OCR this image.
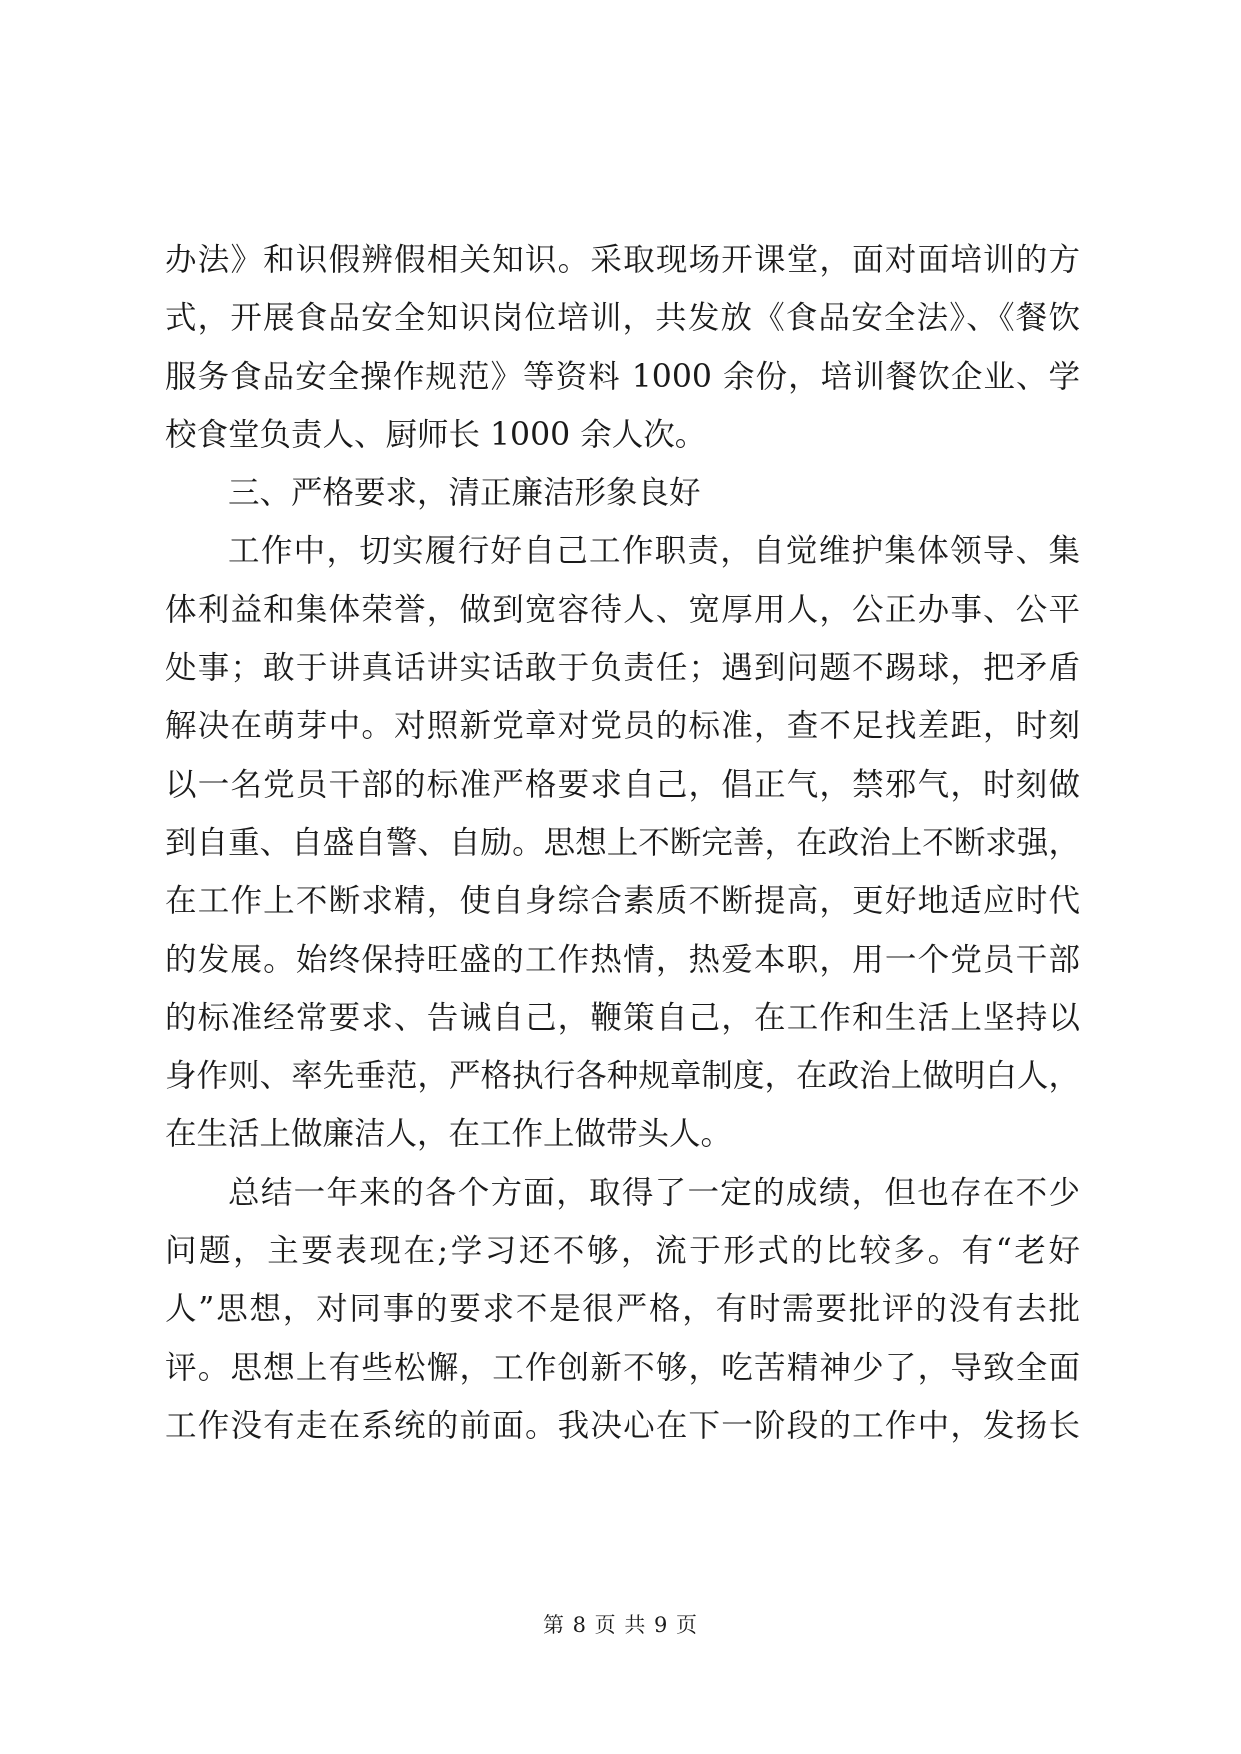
办法》和识假辨假相关知识。采取现场开课堂，面对面培训的方
式，开展食品安全知识岗位培训，共发放《食品安全法》、《餐饮
服务食品安全操作规范》等资料 1000 余份，培训餐饮企业、学
校食堂负责人、厨师长 1000 余人次。
三、严格要求，清正廉洁形象良好
工作中，切实履行好自己工作职责，自觉维护集体领导、集
体利益和集体荣誉，做到宽容待人、宽厚用人，公正办事、公平
处事；敢于讲真话讲实话敢于负责任；遇到问题不踢球，把矛盾
解决在萌芽中。对照新党章对党员的标准，查不足找差距，时刻
以一名党员干部的标准严格要求自己，倡正气，禁邪气，时刻做
到自重、自盛自警、自励。思想上不断完善，在政治上不断求强，
在工作上不断求精，使自身综合素质不断提高，更好地适应时代
的发展。始终保持旺盛的工作热情，热爱本职，用一个党员干部
的标准经常要求、告诫自己，鞭策自己，在工作和生活上坚持以
身作则、率先垂范，严格执行各种规章制度，在政治上做明白人，
在生活上做廉洁人，在工作上做带头人。
总结一年来的各个方面，取得了一定的成绩，但也存在不少
问题，主要表现在;学习还不够，流于形式的比较多。有“老好
人”思想，对同事的要求不是很严格，有时需要批评的没有去批
评。思想上有些松懈，工作创新不够，吃苦精神少了，导致全面
工作没有走在系统的前面。我决心在下一阶段的工作中，发扬长
第 8 页 共 9 页
